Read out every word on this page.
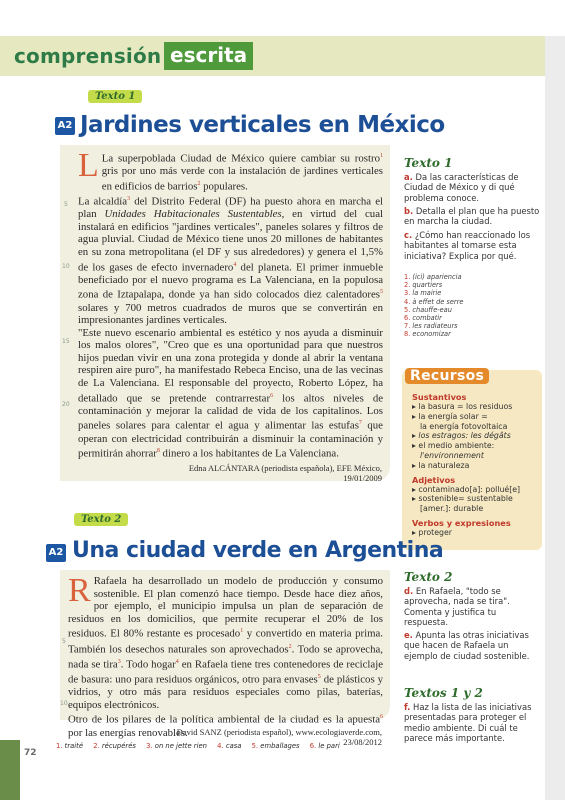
comprensión escrita
Texto 1
A2 Jardines verticales en México
L La superpoblada Ciudad de México quiere cambiar su rostro$^1$ gris por uno más verde con la instalación de jardines verticales en edificios de barrios$^2$ populares.
La alcaldía$^3$ del Distrito Federal (DF) ha puesto ahora en marcha el plan Unidades Habitacionales Sustentables, en virtud del cual instalará en edificios "jardines verticales", paneles solares y filtros de agua pluvial. Ciudad de México tiene unos 20 millones de habitantes en su zona metropolitana (el DF y sus alrededores) y genera el 1,5% de los gases de efecto invernadero$^4$ del planeta. El primer inmueble beneficiado por el nuevo programa es La Valenciana, en la populosa zona de Iztapalapa, donde ya han sido colocados diez calentadores$^5$ solares y 700 metros cuadrados de muros que se convertirán en impresionantes jardines verticales.
"Este nuevo escenario ambiental es estético y nos ayuda a disminuir los malos olores", "Creo que es una oportunidad para que nuestros hijos puedan vivir en una zona protegida y donde al abrir la ventana respiren aire puro", ha manifestado Rebeca Enciso, una de las vecinas de La Valenciana. El responsable del proyecto, Roberto López, ha detallado que se pretende contrarrestar$^6$ los altos niveles de contaminación y mejorar la calidad de vida de los capitalinos. Los paneles solares para calentar el agua y alimentar las estufas$^7$ que operan con electricidad contribuirán a disminuir la contaminación y permitirán ahorrar$^8$ dinero a los habitantes de La Valenciana.
5
10
15
20
Edna ALCÁNTARA (periodista española), EFE México, 19/01/2009
Texto 1
a. Da las características de Ciudad de México y di qué problema conoce.
b. Detalla el plan que ha puesto en marcha la ciudad.
c. ¿Cómo han reaccionado los habitantes al tomarse esta iniciativa? Explica por qué.
1. (ici) apariencia
2. quartiers
3. la mairie
4. à effet de serre
5. chauffe-eau
6. combatir
7. les radiateurs
8. economizar
Recursos
Sustantivos
▸ la basura = los residuos
▸ la energía solar =
la energía fotovoltaica
▸ los estragos: les dégâts
▸ el medio ambiente:
l'environnement
▸ la naturaleza
Adjetivos
▸ contaminado[a]: pollué[e]
▸ sostenible= sustentable
[amer.]: durable
Verbos y expresiones
▸ proteger
Texto 2
A2 Una ciudad verde en Argentina
R Rafaela ha desarrollado un modelo de producción y consumo sostenible. El plan comenzó hace tiempo. Desde hace diez años, por ejemplo, el municipio impulsa un plan de separación de residuos en los domicilios, que permite recuperar el 20% de los residuos. El 80% restante es procesado$^1$ y convertido en materia prima. También los desechos naturales son aprovechados$^2$. Todo se aprovecha, nada se tira$^3$. Todo hogar$^4$ en Rafaela tiene tres contenedores de reciclaje de basura: uno para residuos orgánicos, otro para envases$^5$ de plásticos y vidrios, y otro más para residuos especiales como pilas, baterías, equipos electrónicos.
Otro de los pilares de la política ambiental de la ciudad es la apuesta$^6$ por las energías renovables.
5
10
David SANZ (periodista español), www.ecologiaverde.com, 23/08/2012
Texto 2
d. En Rafaela, "todo se aprovecha, nada se tira". Comenta y justifica tu respuesta.
e. Apunta las otras iniciativas que hacen de Rafaela un ejemplo de ciudad sostenible.
Textos 1 y 2
f. Haz la lista de las iniciativas presentadas para proteger el medio ambiente. Di cuál te parece más importante.
1. traité 2. récupérés 3. on ne jette rien 4. casa 5. emballages 6. le pari
72
